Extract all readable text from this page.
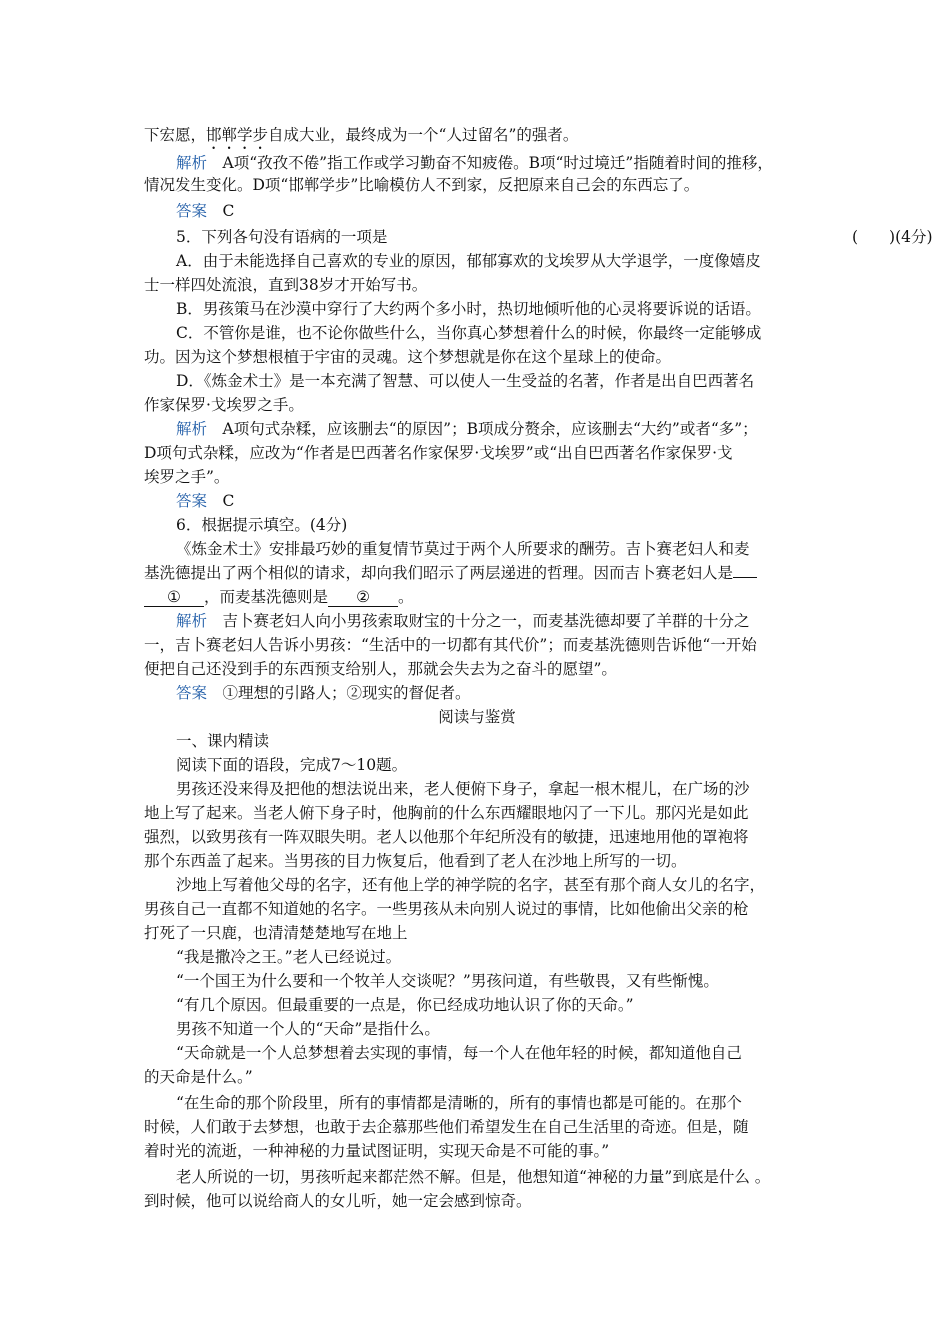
下宏愿，邯郸学步自成大业，最终成为一个“人过留名”的强者。
解析　 A项“孜孜不倦”指工作或学习勤奋不知疲倦。B项“时过境迁”指随着时间的推移，
情况发生变化。D项“邯郸学步”比喻模仿人不到家，反把原来自己会的东西忘了。
答案　 C
5．下列各句没有语病的一项是	(　　)(4分)
A．由于未能选择自己喜欢的专业的原因，郁郁寡欢的戈埃罗从大学退学，一度像嬉皮
士一样四处流浪，直到38岁才开始写书。
B．男孩策马在沙漠中穿行了大约两个多小时，热切地倾听他的心灵将要诉说的话语。
C．不管你是谁，也不论你做些什么，当你真心梦想着什么的时候，你最终一定能够成
功。因为这个梦想根植于宇宙的灵魂。这个梦想就是你在这个星球上的使命。
D．《炼金术士》是一本充满了智慧、可以使人一生受益的名著，作者是出自巴西著名
作家保罗·戈埃罗之手。
解析　 A项句式杂糅，应该删去“的原因”；B项成分赘余，应该删去“大约”或者“多”；
D项句式杂糅，应改为“作者是巴西著名作家保罗·戈埃罗”或“出自巴西著名作家保罗·戈
埃罗之手”。
答案　 C
6．根据提示填空。(4分)
《炼金术士》安排最巧妙的重复情节莫过于两个人所要求的酬劳。吉卜赛老妇人和麦
基洗德提出了两个相似的请求，却向我们昭示了两层递进的哲理。因而吉卜赛老妇人是
① ，而麦基洗德则是 ② 。
解析　 吉卜赛老妇人向小男孩索取财宝的十分之一，而麦基洗德却要了羊群的十分之
一，吉卜赛老妇人告诉小男孩：“生活中的一切都有其代价”；而麦基洗德则告诉他“一开始
便把自己还没到手的东西预支给别人，那就会失去为之奋斗的愿望”。
答案　 ①理想的引路人；②现实的督促者。
阅读与鉴赏
一、课内精读
阅读下面的语段，完成7～10题。
男孩还没来得及把他的想法说出来，老人便俯下身子，拿起一根木棍儿，在广场的沙
地上写了起来。当老人俯下身子时，他胸前的什么东西耀眼地闪了一下儿。那闪光是如此
强烈，以致男孩有一阵双眼失明。老人以他那个年纪所没有的敏捷，迅速地用他的罩袍将
那个东西盖了起来。当男孩的目力恢复后，他看到了老人在沙地上所写的一切。
沙地上写着他父母的名字，还有他上学的神学院的名字，甚至有那个商人女儿的名字，
男孩自己一直都不知道她的名字。一些男孩从未向别人说过的事情，比如他偷出父亲的枪
打死了一只鹿，也清清楚楚地写在地上
“我是撒冷之王。”老人已经说过。
“一个国王为什么要和一个牧羊人交谈呢？”男孩问道，有些敬畏，又有些惭愧。
“有几个原因。但最重要的一点是，你已经成功地认识了你的天命。”
男孩不知道一个人的“天命”是指什么。
“天命就是一个人总梦想着去实现的事情，每一个人在他年轻的时候，都知道他自己
的天命是什么。”
“在生命的那个阶段里，所有的事情都是清晰的，所有的事情也都是可能的。在那个
时候，人们敢于去梦想，也敢于去企慕那些他们希望发生在自己生活里的奇迹。但是，随
着时光的流逝，一种神秘的力量试图证明，实现天命是不可能的事。”
老人所说的一切，男孩听起来都茫然不解。但是，他想知道“神秘的力量”到底是什么 。
到时候，他可以说给商人的女儿听，她一定会感到惊奇。
